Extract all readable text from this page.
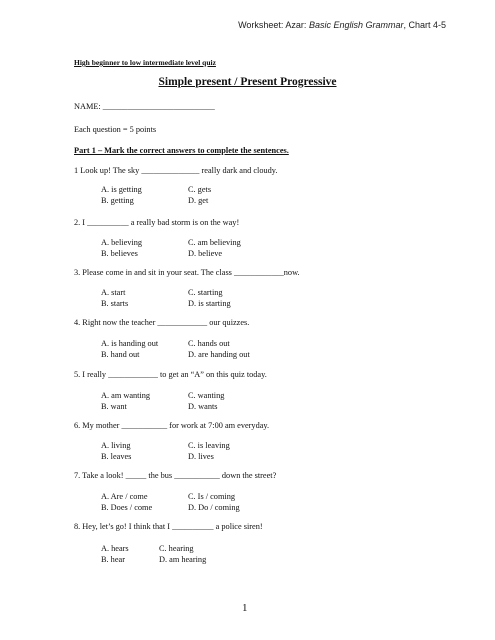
Worksheet: Azar: Basic English Grammar, Chart 4-5
High beginner to low intermediate level quiz
Simple present / Present Progressive
NAME: ___________________________
Each question = 5 points
Part 1 – Mark the correct answers to complete the sentences.
1 Look up! The sky ______________ really dark and cloudy.
A. is getting	C. gets
B. getting	D. get
2. I __________ a really bad storm is on the way!
A. believing	C. am believing
B. believes	D. believe
3. Please come in and sit in your seat. The class ____________now.
A. start	C. starting
B. starts	D. is starting
4. Right now the teacher ____________ our quizzes.
A. is handing out	C. hands out
B. hand out	D. are handing out
5. I really ____________ to get an “A” on this quiz today.
A. am wanting	C. wanting
B. want	D. wants
6. My mother ___________ for work at 7:00 am everyday.
A. living	C. is leaving
B. leaves	D. lives
7. Take a look! _____ the bus ___________ down the street?
A. Are / come	C. Is / coming
B. Does / come	D. Do / coming
8. Hey, let’s go! I think that I __________ a police siren!
A. hears	C. hearing
B. hear	D. am hearing
1
